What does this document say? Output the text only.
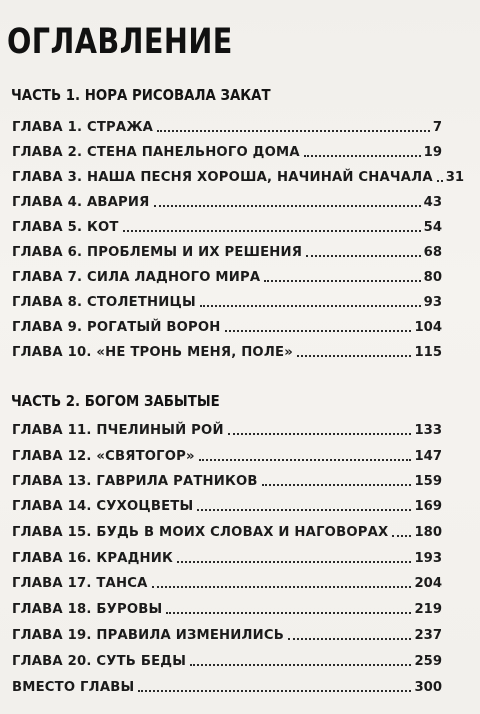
ОГЛАВЛЕНИЕ
ЧАСТЬ 1. НОРА РИСОВАЛА ЗАКАТ
ГЛАВА 1. СТРАЖА	7
ГЛАВА 2. СТЕНА ПАНЕЛЬНОГО ДОМА	19
ГЛАВА 3. НАША ПЕСНЯ ХОРОША, НАЧИНАЙ СНАЧАЛА 31
ГЛАВА 4. АВАРИЯ	43
ГЛАВА 5. КОТ	54
ГЛАВА 6. ПРОБЛЕМЫ И ИХ РЕШЕНИЯ	68
ГЛАВА 7. СИЛА ЛАДНОГО МИРА	80
ГЛАВА 8. СТОЛЕТНИЦЫ	93
ГЛАВА 9. РОГАТЫЙ ВОРОН	104
ГЛАВА 10. «НЕ ТРОНЬ МЕНЯ, ПОЛЕ»	115
ЧАСТЬ 2. БОГОМ ЗАБЫТЫЕ
ГЛАВА 11. ПЧЕЛИНЫЙ РОЙ	133
ГЛАВА 12. «СВЯТОГОР»	147
ГЛАВА 13. ГАВРИЛА РАТНИКОВ	159
ГЛАВА 14. СУХОЦВЕТЫ	169
ГЛАВА 15. БУДЬ В МОИХ СЛОВАХ И НАГОВОРАХ 180
ГЛАВА 16. КРАДНИК	193
ГЛАВА 17. ТАНСА	204
ГЛАВА 18. БУРОВЫ	219
ГЛАВА 19. ПРАВИЛА ИЗМЕНИЛИСЬ	237
ГЛАВА 20. СУТЬ БЕДЫ	259
ВМЕСТО ГЛАВЫ	300
